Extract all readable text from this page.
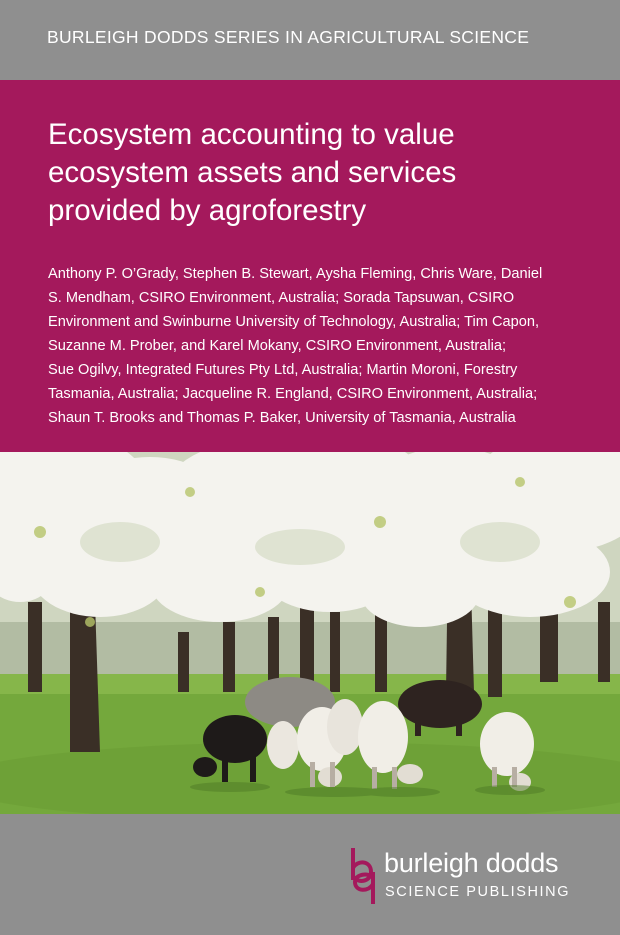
BURLEIGH DODDS SERIES IN AGRICULTURAL SCIENCE
Ecosystem accounting to value
ecosystem assets and services
provided by agroforestry

Anthony P. O’Grady, Stephen B. Stewart, Aysha Fleming, Chris Ware, Daniel
S. Mendham, CSIRO Environment, Australia; Sorada Tapsuwan, CSIRO
Environment and Swinburne University of Technology, Australia; Tim Capon,
Suzanne M. Prober, and Karel Mokany, CSIRO Environment, Australia;
Sue Ogilvy, Integrated Futures Pty Ltd, Australia; Martin Moroni, Forestry
Tasmania, Australia; Jacqueline R. England, CSIRO Environment, Australia;
Shaun T. Brooks and Thomas P. Baker, University of Tasmania, Australia

burleigh dodds
SCIENCE PUBLISHING
